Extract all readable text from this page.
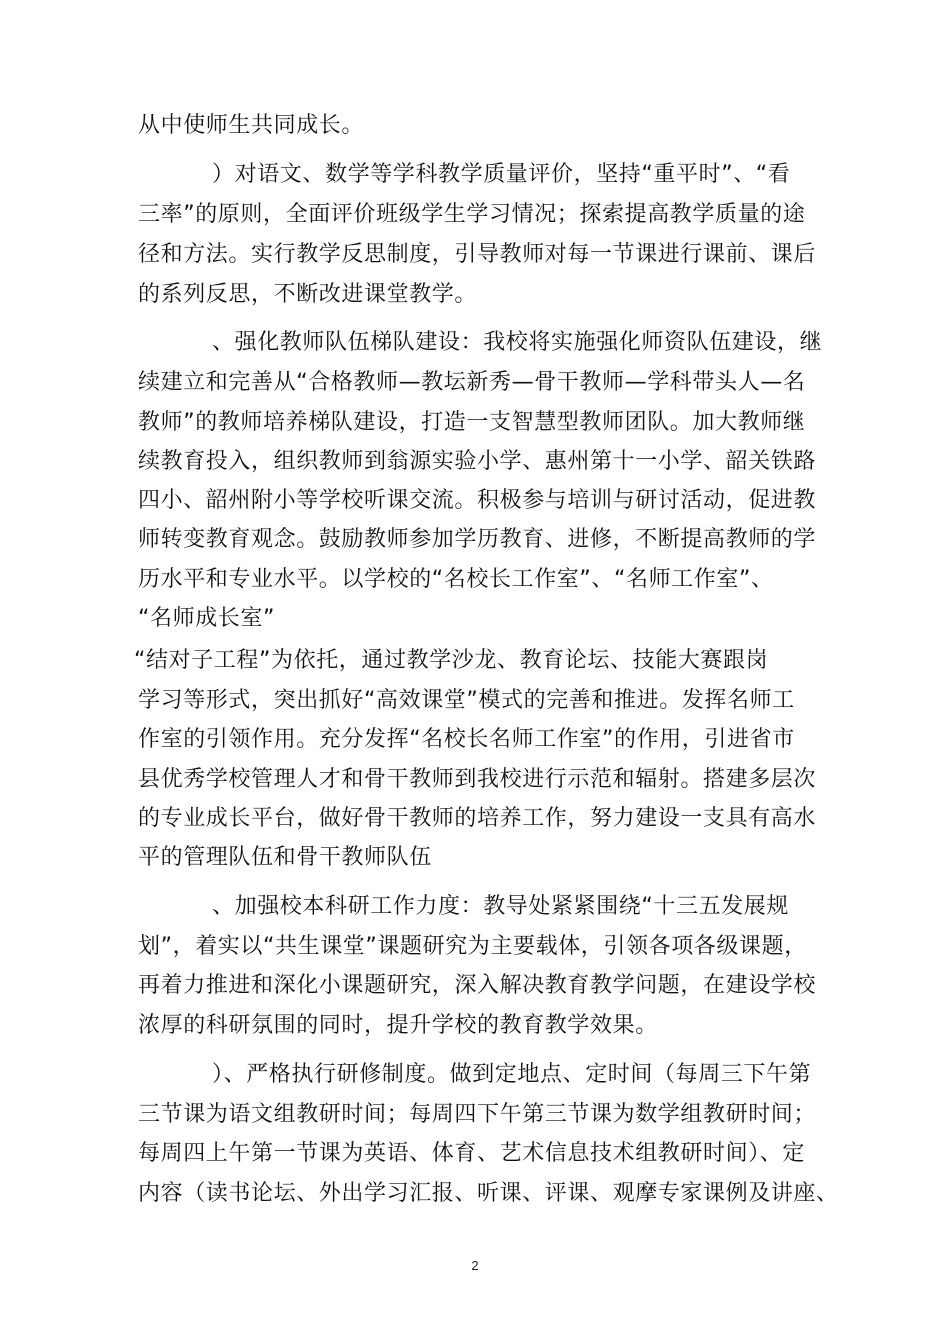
从中使师生共同成长。
）对语文、数学等学科教学质量评价，坚持“重平时”、“看
三率”的原则，全面评价班级学生学习情况；探索提高教学质量的途
径和方法。实行教学反思制度，引导教师对每一节课进行课前、课后
的系列反思，不断改进课堂教学。
、强化教师队伍梯队建设：我校将实施强化师资队伍建设，继
续建立和完善从“合格教师—教坛新秀—骨干教师—学科带头人—名
教师”的教师培养梯队建设，打造一支智慧型教师团队。加大教师继
续教育投入，组织教师到翁源实验小学、惠州第十一小学、韶关铁路
四小、韶州附小等学校听课交流。积极参与培训与研讨活动，促进教
师转变教育观念。鼓励教师参加学历教育、进修，不断提高教师的学
历水平和专业水平。以学校的“名校长工作室”、“名师工作室”、
“名师成长室”
“结对子工程”为依托，通过教学沙龙、教育论坛、技能大赛跟岗
学习等形式，突出抓好“高效课堂”模式的完善和推进。发挥名师工
作室的引领作用。充分发挥“名校长名师工作室”的作用，引进省市
县优秀学校管理人才和骨干教师到我校进行示范和辐射。搭建多层次
的专业成长平台，做好骨干教师的培养工作，努力建设一支具有高水
平的管理队伍和骨干教师队伍
、加强校本科研工作力度：教导处紧紧围绕“十三五发展规
划”，着实以“共生课堂”课题研究为主要载体，引领各项各级课题，
再着力推进和深化小课题研究，深入解决教育教学问题，在建设学校
浓厚的科研氛围的同时，提升学校的教育教学效果。
）、严格执行研修制度。做到定地点、定时间（每周三下午第
三节课为语文组教研时间；每周四下午第三节课为数学组教研时间；
每周四上午第一节课为英语、体育、艺术信息技术组教研时间）、定
内容（读书论坛、外出学习汇报、听课、评课、观摩专家课例及讲座、
2
